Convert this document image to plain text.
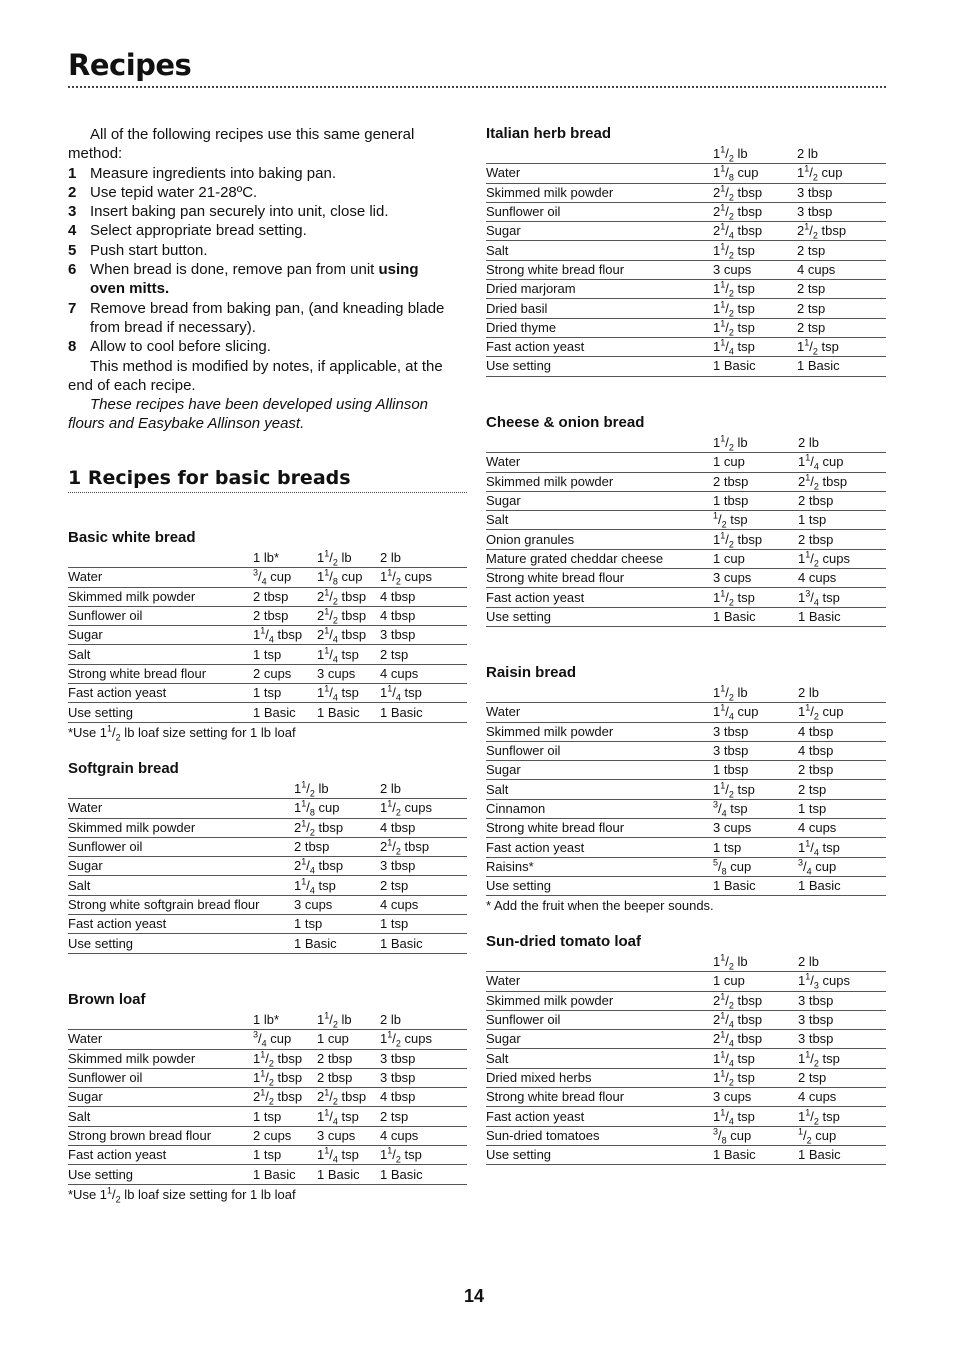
Recipes

All of the following recipes use this same general method:

1 Measure ingredients into baking pan.
2 Use tepid water 21-28ºC.
3 Insert baking pan securely into unit, close lid.
4 Select appropriate bread setting.
5 Push start button.
6 When bread is done, remove pan from unit using oven mitts.
7 Remove bread from baking pan, (and kneading blade from bread if necessary).
8 Allow to cool before slicing.

This method is modified by notes, if applicable, at the end of each recipe.

These recipes have been developed using Allinson flours and Easybake Allinson yeast.

1 Recipes for basic breads
Basic white bread
	1 lb*	$1^1/_2$ lb	2 lb
Water	$^3/_4$ cup	$1^1/_8$ cup	$1^1/_2$ cups
Skimmed milk powder	2 tbsp	$2^1/_2$ tbsp	4 tbsp
Sunflower oil	2 tbsp	$2^1/_2$ tbsp	4 tbsp
Sugar	$1^1/_4$ tbsp	$2^1/_4$ tbsp	3 tbsp
Salt	1 tsp	$1^1/_4$ tsp	2 tsp
Strong white bread flour	2 cups	3 cups	4 cups
Fast action yeast	1 tsp	$1^1/_4$ tsp	$1^1/_4$ tsp
Use setting	1 Basic	1 Basic	1 Basic
*Use $1^1/_2$ lb loaf size setting for 1 lb loaf
Softgrain bread
	$1^1/_2$ lb	2 lb
Water	$1^1/_8$ cup	$1^1/_2$ cups
Skimmed milk powder	$2^1/_2$ tbsp	4 tbsp
Sunflower oil	2 tbsp	$2^1/_2$ tbsp
Sugar	$2^1/_4$ tbsp	3 tbsp
Salt	$1^1/_4$ tsp	2 tsp
Strong white softgrain bread flour	3 cups	4 cups
Fast action yeast	1 tsp	1 tsp
Use setting	1 Basic	1 Basic
Brown loaf
	1 lb*	$1^1/_2$ lb	2 lb
Water	$^3/_4$ cup	1 cup	$1^1/_2$ cups
Skimmed milk powder	$1^1/_2$ tbsp	2 tbsp	3 tbsp
Sunflower oil	$1^1/_2$ tbsp	2 tbsp	3 tbsp
Sugar	$2^1/_2$ tbsp	$2^1/_2$ tbsp	4 tbsp
Salt	1 tsp	$1^1/_4$ tsp	2 tsp
Strong brown bread flour	2 cups	3 cups	4 cups
Fast action yeast	1 tsp	$1^1/_4$ tsp	$1^1/_2$ tsp
Use setting	1 Basic	1 Basic	1 Basic
*Use $1^1/_2$ lb loaf size setting for 1 lb loaf
Italian herb bread
	$1^1/_2$ lb	2 lb
Water	$1^1/_8$ cup	$1^1/_2$ cup
Skimmed milk powder	$2^1/_2$ tbsp	3 tbsp
Sunflower oil	$2^1/_2$ tbsp	3 tbsp
Sugar	$2^1/_4$ tbsp	$2^1/_2$ tbsp
Salt	$1^1/_2$ tsp	2 tsp
Strong white bread flour	3 cups	4 cups
Dried marjoram	$1^1/_2$ tsp	2 tsp
Dried basil	$1^1/_2$ tsp	2 tsp
Dried thyme	$1^1/_2$ tsp	2 tsp
Fast action yeast	$1^1/_4$ tsp	$1^1/_2$ tsp
Use setting	1 Basic	1 Basic
Cheese & onion bread
	$1^1/_2$ lb	2 lb
Water	1 cup	$1^1/_4$ cup
Skimmed milk powder	2 tbsp	$2^1/_2$ tbsp
Sugar	1 tbsp	2 tbsp
Salt	$^1/_2$ tsp	1 tsp
Onion granules	$1^1/_2$ tbsp	2 tbsp
Mature grated cheddar cheese	1 cup	$1^1/_2$ cups
Strong white bread flour	3 cups	4 cups
Fast action yeast	$1^1/_2$ tsp	$1^3/_4$ tsp
Use setting	1 Basic	1 Basic
Raisin bread
	$1^1/_2$ lb	2 lb
Water	$1^1/_4$ cup	$1^1/_2$ cup
Skimmed milk powder	3 tbsp	4 tbsp
Sunflower oil	3 tbsp	4 tbsp
Sugar	1 tbsp	2 tbsp
Salt	$1^1/_2$ tsp	2 tsp
Cinnamon	$^3/_4$ tsp	1 tsp
Strong white bread flour	3 cups	4 cups
Fast action yeast	1 tsp	$1^1/_4$ tsp
Raisins*	$^5/_8$ cup	$^3/_4$ cup
Use setting	1 Basic	1 Basic
* Add the fruit when the beeper sounds.
Sun-dried tomato loaf
	$1^1/_2$ lb	2 lb
Water	1 cup	$1^1/_3$ cups
Skimmed milk powder	$2^1/_2$ tbsp	3 tbsp
Sunflower oil	$2^1/_4$ tbsp	3 tbsp
Sugar	$2^1/_4$ tbsp	3 tbsp
Salt	$1^1/_4$ tsp	$1^1/_2$ tsp
Dried mixed herbs	$1^1/_2$ tsp	2 tsp
Strong white bread flour	3 cups	4 cups
Fast action yeast	$1^1/_4$ tsp	$1^1/_2$ tsp
Sun-dried tomatoes	$^3/_8$ cup	$^1/_2$ cup
Use setting	1 Basic	1 Basic
14
